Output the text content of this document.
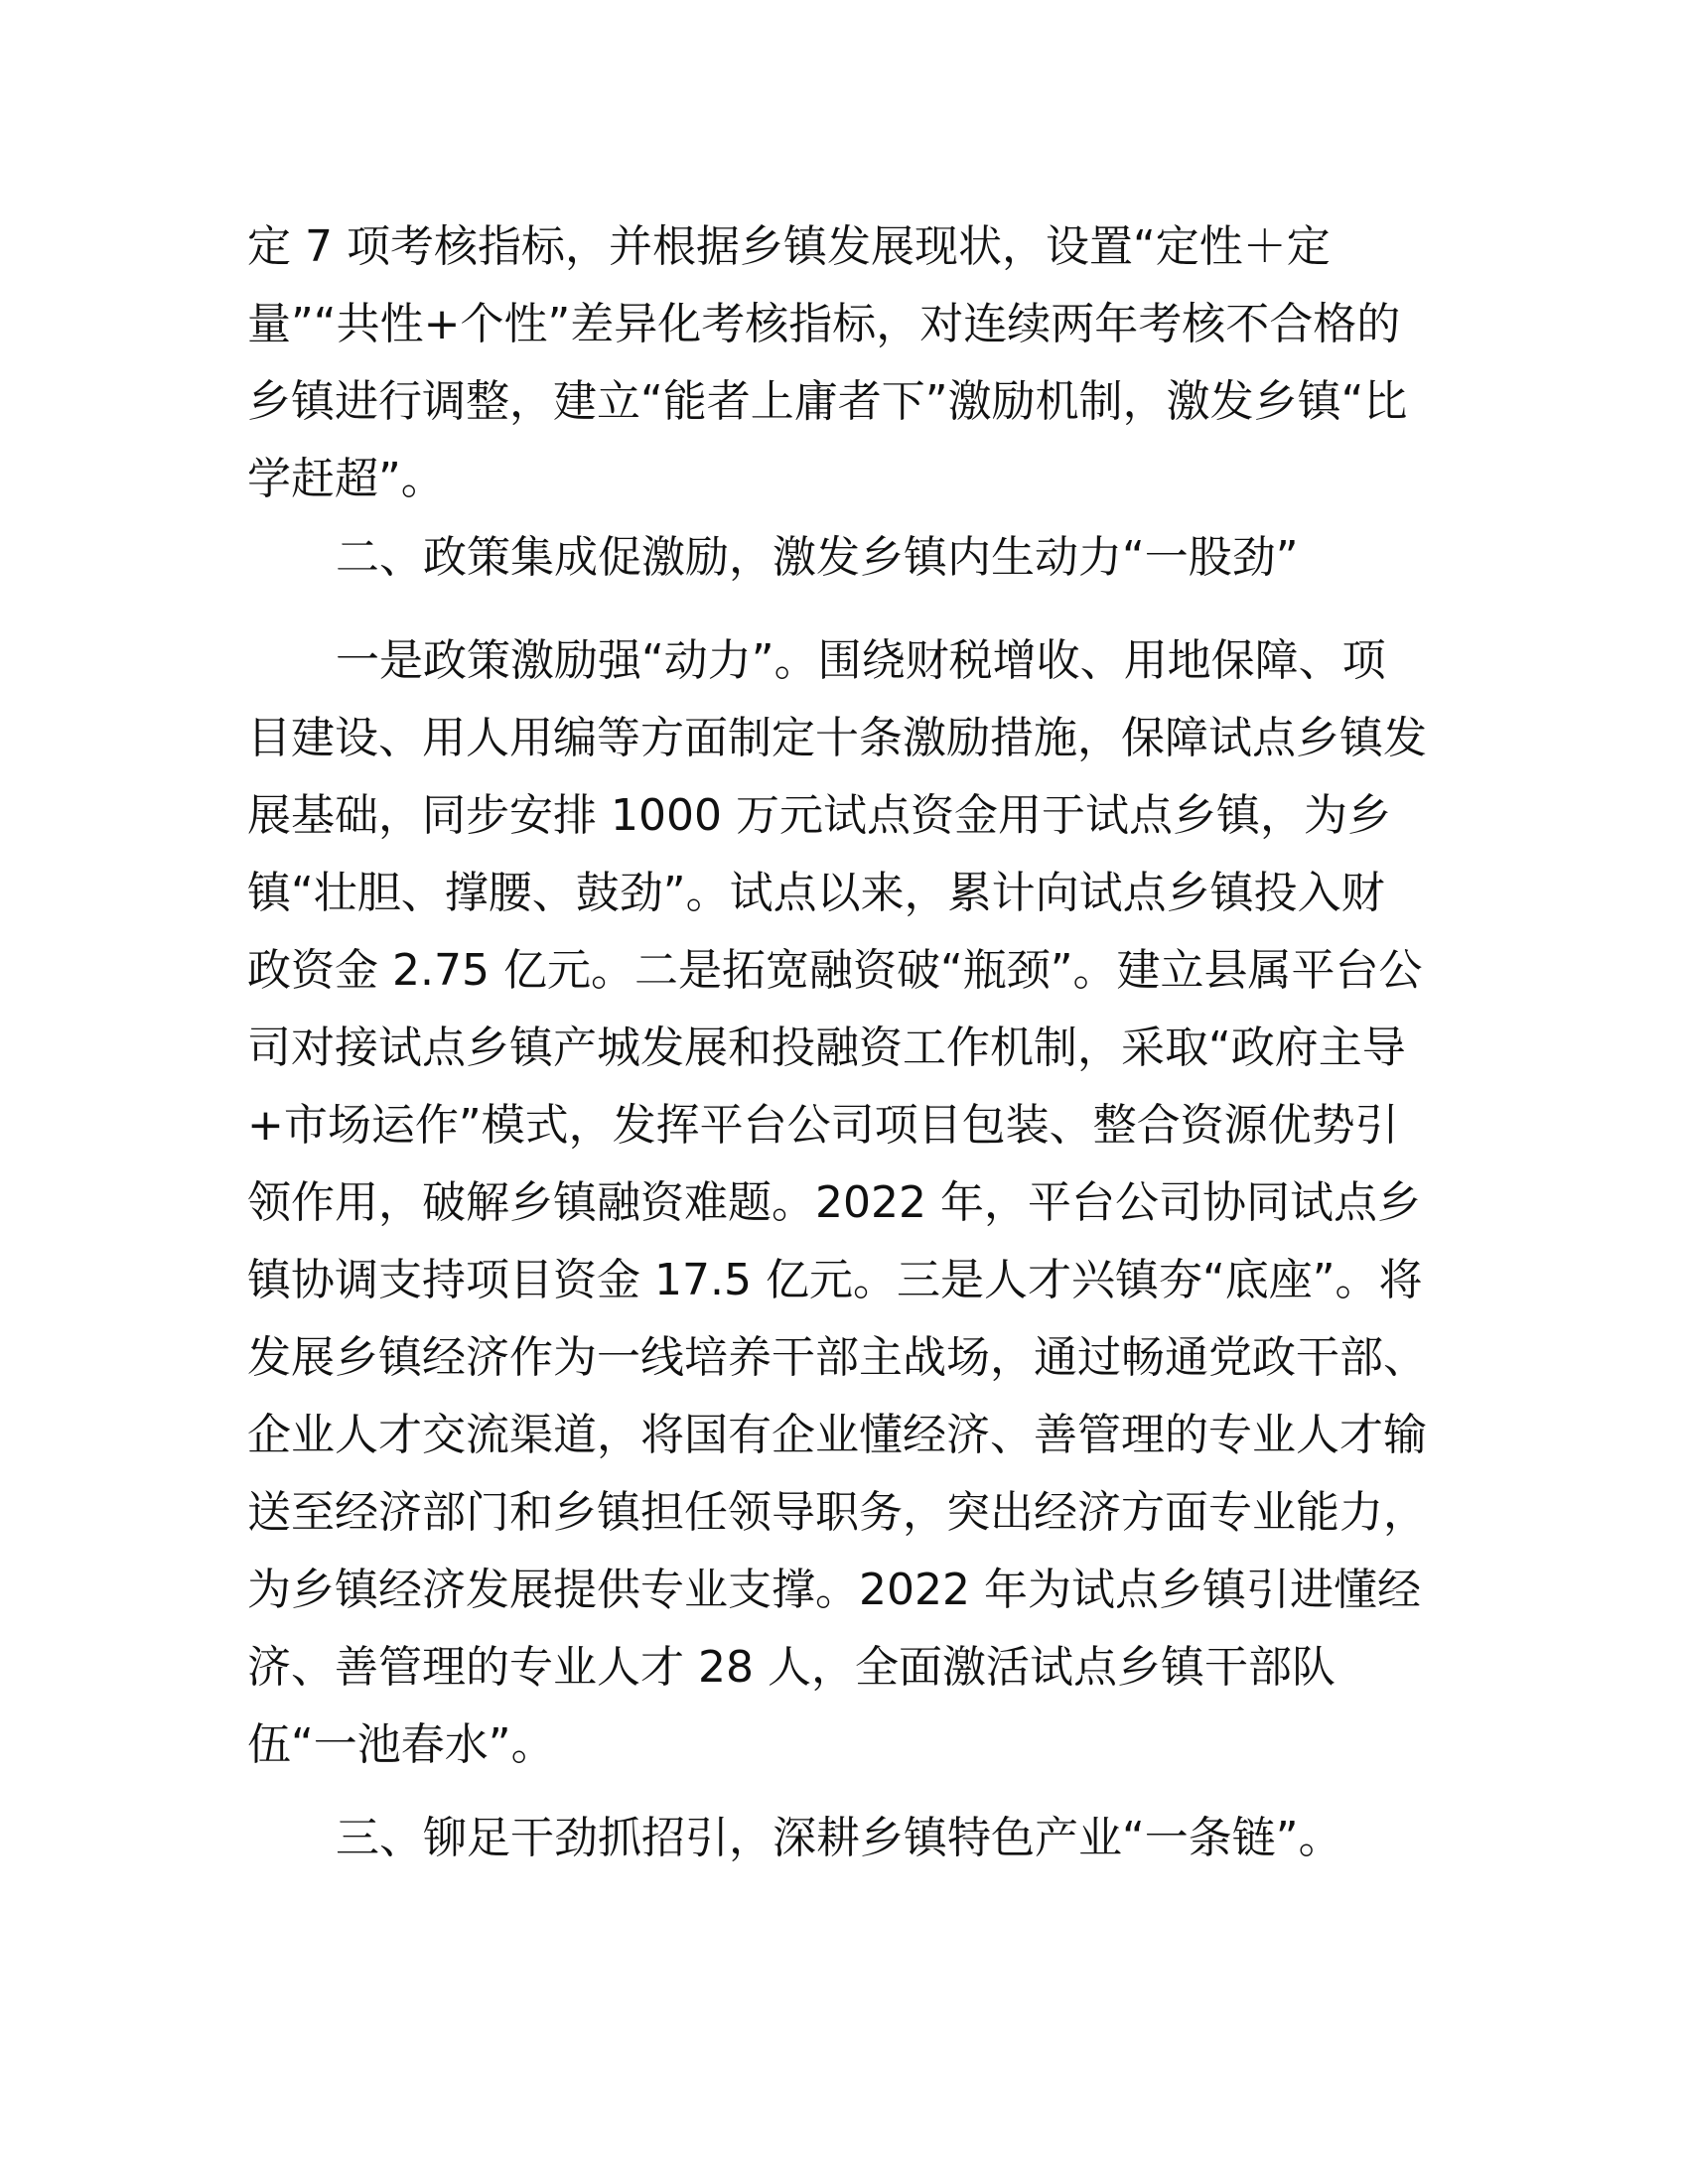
定 7 项考核指标，并根据乡镇发展现状，设置“定性＋定
量”“共性+个性”差异化考核指标，对连续两年考核不合格的
乡镇进行调整，建立“能者上庸者下”激励机制，激发乡镇“比
学赶超”。
二、政策集成促激励，激发乡镇内生动力“一股劲”
一是政策激励强“动力”。围绕财税增收、用地保障、项
目建设、用人用编等方面制定十条激励措施，保障试点乡镇发
展基础，同步安排 1000 万元试点资金用于试点乡镇，为乡
镇“壮胆、撑腰、鼓劲”。试点以来，累计向试点乡镇投入财
政资金 2.75 亿元。二是拓宽融资破“瓶颈”。建立县属平台公
司对接试点乡镇产城发展和投融资工作机制，采取“政府主导
+市场运作”模式，发挥平台公司项目包装、整合资源优势引
领作用，破解乡镇融资难题。2022 年，平台公司协同试点乡
镇协调支持项目资金 17.5 亿元。三是人才兴镇夯“底座”。将
发展乡镇经济作为一线培养干部主战场，通过畅通党政干部、
企业人才交流渠道，将国有企业懂经济、善管理的专业人才输
送至经济部门和乡镇担任领导职务，突出经济方面专业能力，
为乡镇经济发展提供专业支撑。2022 年为试点乡镇引进懂经
济、善管理的专业人才 28 人，全面激活试点乡镇干部队
伍“一池春水”。
三、铆足干劲抓招引，深耕乡镇特色产业“一条链”。
